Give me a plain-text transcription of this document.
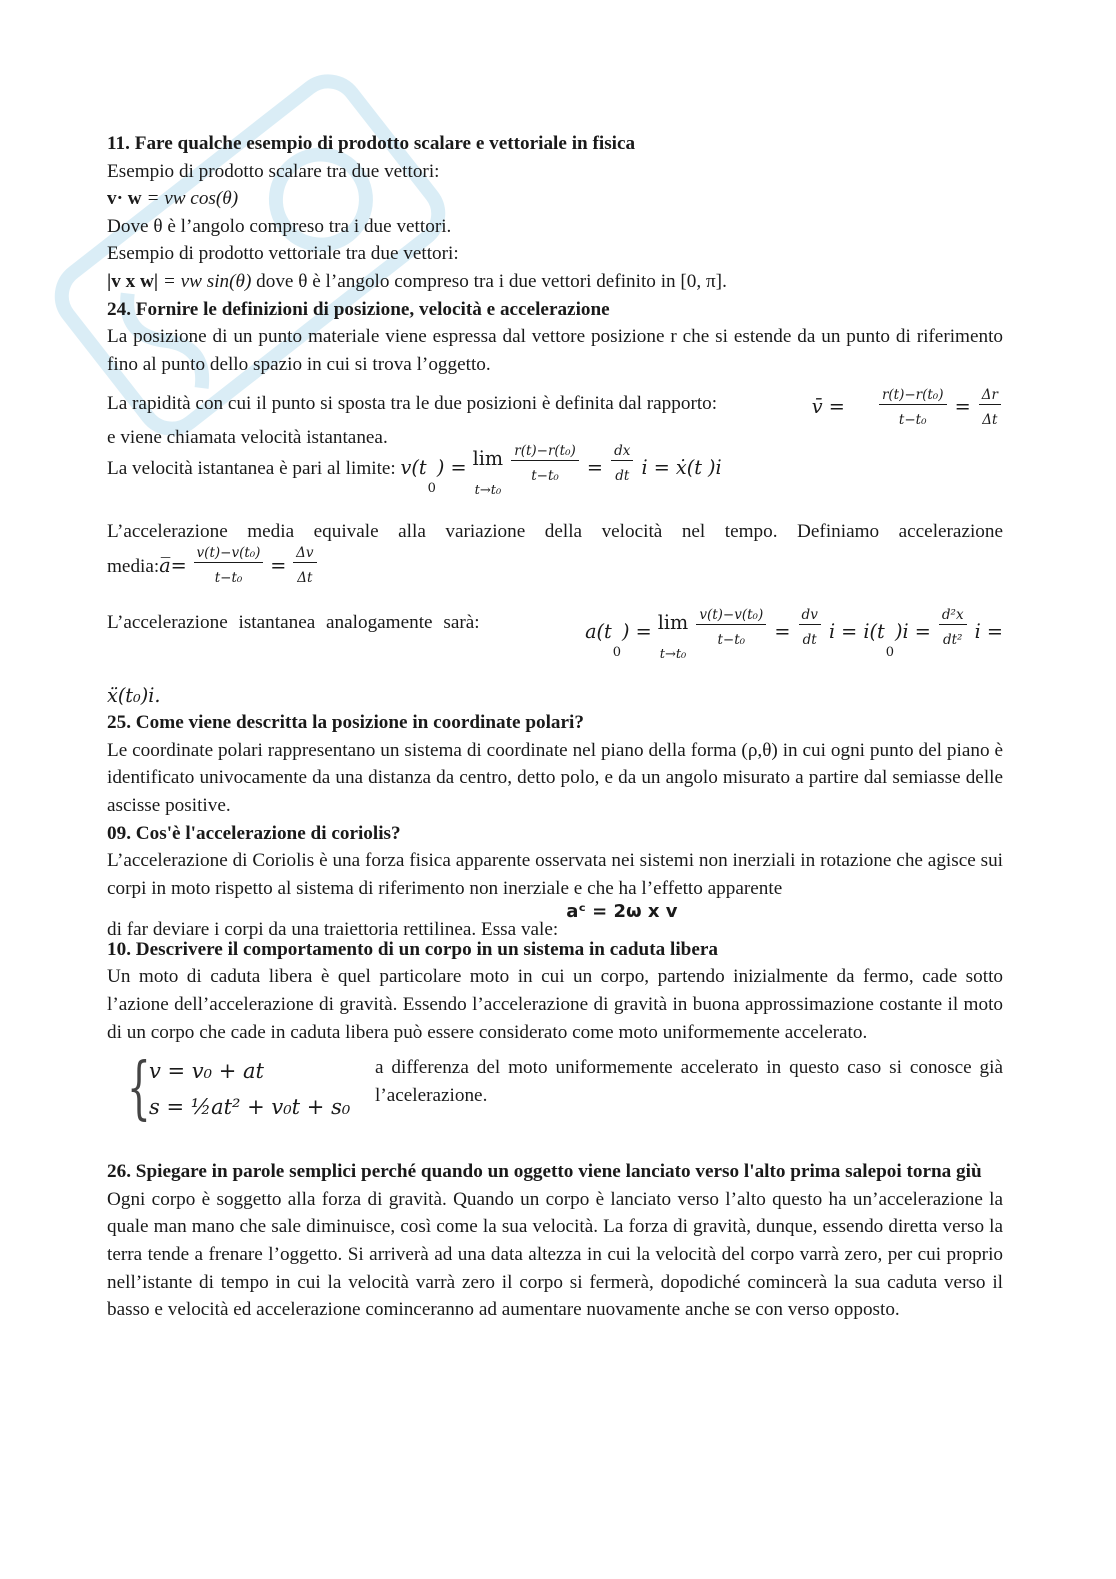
11. Fare qualche esempio di prodotto scalare e vettoriale in fisica

Esempio di prodotto scalare tra due vettori:

v· w = vw cos(θ)

Dove θ è l’angolo compreso tra i due vettori.

Esempio di prodotto vettoriale tra due vettori:

|v x w| = vw sin(θ) dove θ è l’angolo compreso tra i due vettori definito in [0, π].

24. Fornire le definizioni di posizione, velocità e accelerazione

La posizione di un punto materiale viene espressa dal vettore posizione r che si estende da un punto di riferimento fino al punto dello spazio in cui si trova l’oggetto.

La rapidità con cui il punto si sposta tra le due posizioni è definita dal rapporto:	v̄ =	$\frac{\text{r(t)−r(t₀)}}{\text{t−t₀}} = \frac{\Delta r}{\Delta t}$

e viene chiamata velocità istantanea.

La velocità istantanea è pari al limite: v(t0) = lim
t→t₀

$\frac{\text{r(t)−r(t₀)}}{\text{t−t₀}} = \frac{dx}{dt}$ i = ẋ(t )i

L’accelerazione media equivale alla variazione della velocità nel tempo. Definiamo accelerazione

media:a̅= $\frac{\text{v(t)−v(t₀)}}{\text{t−t₀}} = \frac{\Delta v}{\Delta t}$

L’accelerazione istantanea analogamente sarà:	a(t0) = lim
t→t₀

$\frac{\text{v(t)−v(t₀)}}{\text{t−t₀}} = \frac{dv}{dt}$ $i = i(t0)i = \frac{\text{d²x}}{\text{dt²}}$ i =

ẍ(t₀)i.

25. Come viene descritta la posizione in coordinate polari?

Le coordinate polari rappresentano un sistema di coordinate nel piano della forma (ρ,θ) in cui ogni punto del piano è identificato univocamente da una distanza da centro, detto polo, e da un angolo misurato a partire dal semiasse delle ascisse positive.

09. Cos'è l'accelerazione di coriolis?

L’accelerazione di Coriolis è una forza fisica apparente osservata nei sistemi non inerziali in rotazione che agisce sui corpi in moto rispetto al sistema di riferimento non inerziale e che ha l’effetto apparente

di far deviare i corpi da una traiettoria rettilinea. Essa vale:aᶜ = 2ω x v

10. Descrivere il comportamento di un corpo in un sistema in caduta libera

Un moto di caduta libera è quel particolare moto in cui un corpo, partendo inizialmente da fermo, cade sotto l’azione dell’accelerazione di gravità. Essendo l’accelerazione di gravità in buona approssimazione costante il moto di un corpo che cade in caduta libera può essere considerato come moto uniformemente accelerato.

{
v = v₀ + at
s = ½at² + v₀t + s₀
a differenza del moto uniformemente accelerato in questo caso si conosce già l’acelerazione.

26. Spiegare in parole semplici perché quando un oggetto viene lanciato verso l'alto prima salepoi torna giù

Ogni corpo è soggetto alla forza di gravità. Quando un corpo è lanciato verso l’alto questo ha un’accelerazione la quale man mano che sale diminuisce, così come la sua velocità. La forza di gravità, dunque, essendo diretta verso la terra tende a frenare l’oggetto. Si arriverà ad una data altezza in cui la velocità del corpo varrà zero, per cui proprio nell’istante di tempo in cui la velocità varrà zero il corpo si fermerà, dopodiché comincerà la sua caduta verso il basso e velocità ed accelerazione cominceranno ad aumentare nuovamente anche se con verso opposto.
